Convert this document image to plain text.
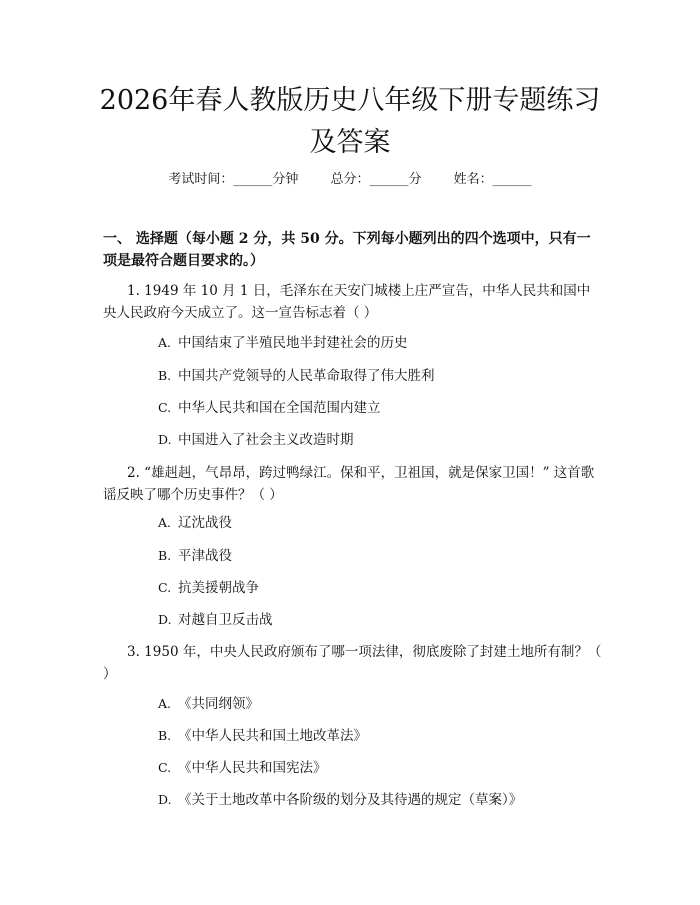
2026年春人教版历史八年级下册专题练习及答案
考试时间：______分钟 总分：______分 姓名：______
一、 选择题（每小题 2 分，共 50 分。下列每小题列出的四个选项中，只有一项是最符合题目要求的。）
1. 1949 年 10 月 1 日，毛泽东在天安门城楼上庄严宣告，中华人民共和国中央人民政府今天成立了。这一宣告标志着（ ）
A. 中国结束了半殖民地半封建社会的历史
B. 中国共产党领导的人民革命取得了伟大胜利
C. 中华人民共和国在全国范围内建立
D. 中国进入了社会主义改造时期
2. “雄赳赳，气昂昂，跨过鸭绿江。保和平，卫祖国，就是保家卫国！” 这首歌谣反映了哪个历史事件？（ ）
A. 辽沈战役
B. 平津战役
C. 抗美援朝战争
D. 对越自卫反击战
3. 1950 年，中央人民政府颁布了哪一项法律，彻底废除了封建土地所有制？（ ）
A. 《共同纲领》
B. 《中华人民共和国土地改革法》
C. 《中华人民共和国宪法》
D. 《关于土地改革中各阶级的划分及其待遇的规定（草案）》
